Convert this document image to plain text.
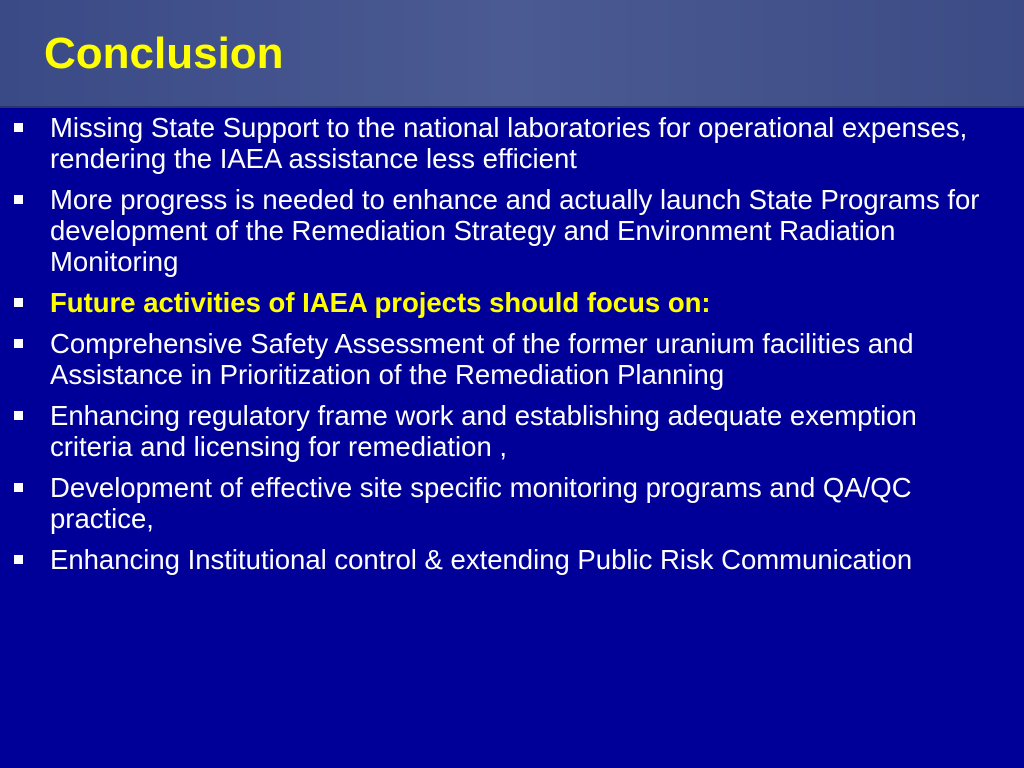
Conclusion
Missing State Support to the national laboratories for operational expenses, rendering the IAEA assistance less efficient
More progress is needed to enhance and actually launch State Programs for development of the Remediation Strategy and Environment Radiation Monitoring
Future activities of IAEA projects should focus on:
Comprehensive Safety Assessment of the former uranium facilities and Assistance in Prioritization of the Remediation Planning
Enhancing regulatory frame work and establishing adequate exemption criteria and licensing for remediation ,
Development of effective site specific monitoring programs and QA/QC practice,
Enhancing Institutional control & extending Public Risk Communication
